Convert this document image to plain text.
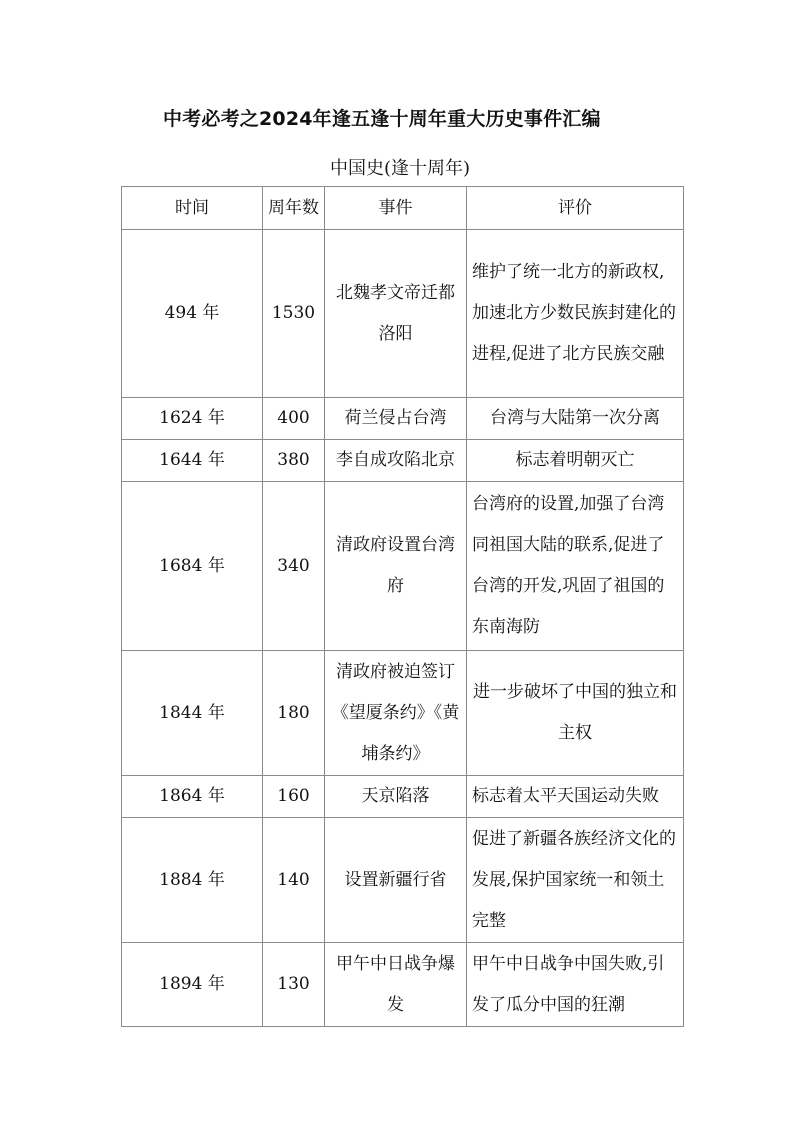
中考必考之2024年逢五逢十周年重大历史事件汇编
中国史(逢十周年)
时间	周年数	事件	评价
494 年	1530	北魏孝文帝迁都洛阳	维护了统一北方的新政权,加速北方少数民族封建化的进程,促进了北方民族交融
1624 年	400	荷兰侵占台湾	台湾与大陆第一次分离
1644 年	380	李自成攻陷北京	标志着明朝灭亡
1684 年	340	清政府设置台湾府	台湾府的设置,加强了台湾同祖国大陆的联系,促进了台湾的开发,巩固了祖国的东南海防
1844 年	180	清政府被迫签订《望厦条约》《黄埔条约》	进一步破坏了中国的独立和主权
1864 年	160	天京陷落	标志着太平天国运动失败
1884 年	140	设置新疆行省	促进了新疆各族经济文化的发展,保护国家统一和领土完整
1894 年	130	甲午中日战争爆发	甲午中日战争中国失败,引发了瓜分中国的狂潮
